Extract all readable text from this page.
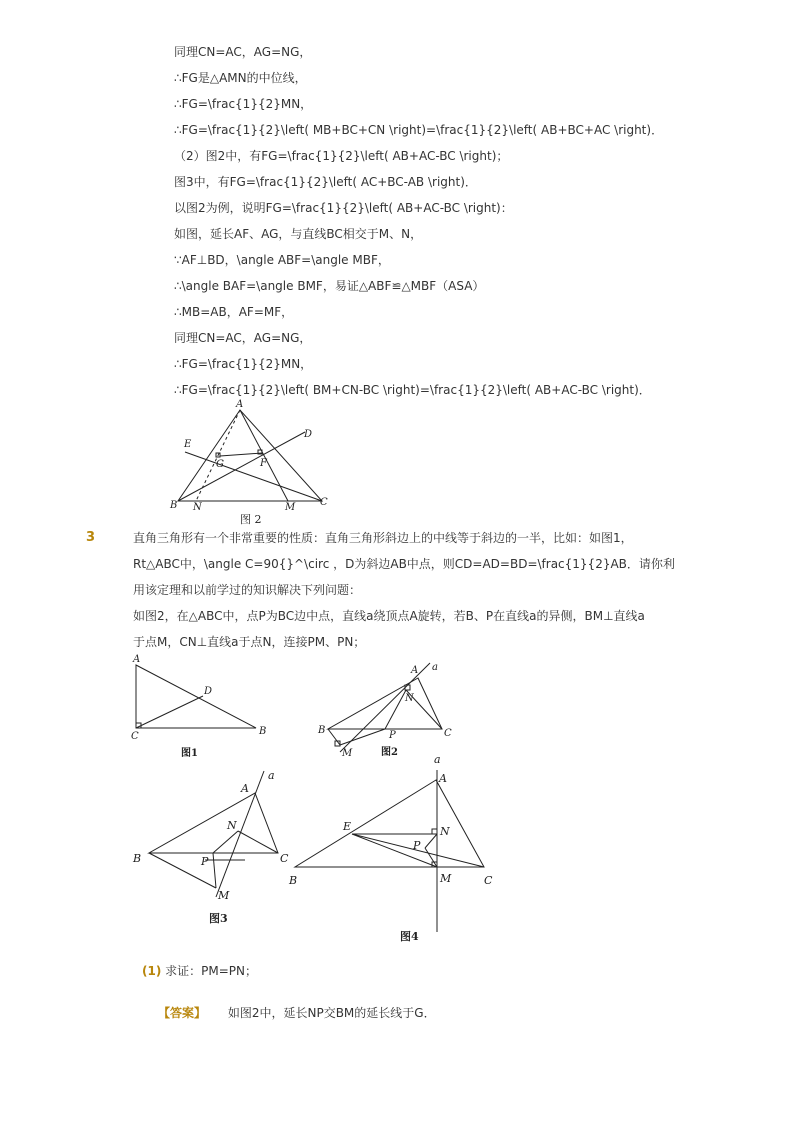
同理CN=AC，AG=NG，
∴FG是△AMN的中位线，
∴FG=\frac{1}{2}MN，
∴FG=\frac{1}{2}\left( MB+BC+CN \right)=\frac{1}{2}\left( AB+BC+AC \right)．
（2）图2中，有FG=\frac{1}{2}\left( AB+AC-BC \right)；
图3中，有FG=\frac{1}{2}\left( AC+BC-AB \right)．
以图2为例，说明FG=\frac{1}{2}\left( AB+AC-BC \right)：
如图，延长AF、AG，与直线BC相交于M、N，
∵AF⊥BD，\angle ABF=\angle MBF，
∴\angle BAF=\angle BMF，易证△ABF≌△MBF（ASA）
∴MB=AB，AF=MF，
同理CN=AC，AG=NG，
∴FG=\frac{1}{2}MN，
∴FG=\frac{1}{2}\left( BM+CN-BC \right)=\frac{1}{2}\left( AB+AC-BC \right)．
A
B	C
D
E
F
G
M
N
图 2
A
B
C
D
图1
A
B	C
N
M
P
a
图2
A
B	C
N
M
P
a
图3
A
B	C
N
M
P
E
a
图4
3	直角三角形有一个非常重要的性质：直角三角形斜边上的中线等于斜边的一半，比如：如图1，
Rt△ABC中，\angle C=90{}^\circ ，D为斜边AB中点，则CD=AD=BD=\frac{1}{2}AB．请你利
用该定理和以前学过的知识解决下列问题：
如图2，在△ABC中，点P为BC边中点，直线a绕顶点A旋转，若B、P在直线a的异侧，BM⊥直线a
于点M，CN⊥直线a于点N，连接PM、PN；
(1) 求证：PM=PN；
【答案】 如图2中，延长NP交BM的延长线于G．
